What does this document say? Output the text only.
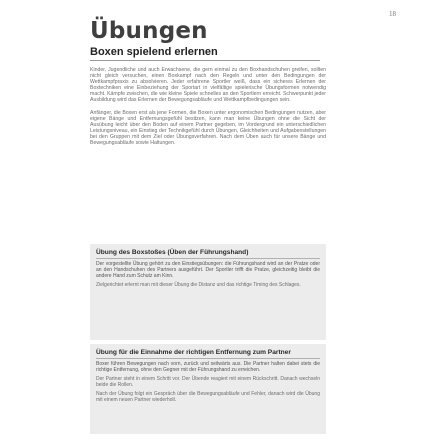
18
Übungen
Boxen spielend erlernen

Kinder, Jugendliche und auch Erwachsene, die gern einmal zu den Boxhandschuhen greifen, sollten nicht gleich versuchen, einen Boxkampf nach den Regeln und unter den Bedingungen der Wettkampfpraxis zu absolvieren. Jeder erfahrene Sportler weiß, dass ein sicheres Erlernen der Boxtechniken eine Einbeziehung der Sportart in vielfältige spielerische Übungsformen notwendig macht. Kämpfe zwischen, die wie kleine Spiele schnelles an den Sportlern erreicht. Schwerpunkt jeder Ausbildung wird das Erlernen der Bewegungsabläufe und Wettkampfbedingungen sein.

Anfänger, die Boxen erst als jene Formen, die Boxen unter ergonomischen Bedingungen nutzen, aber eigene Bänge und Entfernungsgefühl besitzen, kann man keine Übungen ohne die Sicht der Ausübung leicht über den Boden auf einem Partner gegeben, im Vordergrund ein unterschiedlichen Leistungsniveau, ein Einstieg der Technikgefühl durch Übungen, Gleichheiten und Aufgabenstellungen bei den Gruppen mit dem Ziel oder Übungsverfahren. Nach dem Üben auch für unsere Bänge und Bewegungsabläufe sowie Haltungen.

Übung des Boxstoßes (Üben der Führungshand)

Der vorgestellte Übung gehört zu den Einstiegsübungen: die Führungshand wird an der Pratze oder an den Handschuhen des Partners ausgeführt. Der Sportler trifft die Pratze, gleichzeitig bleibt die andere Hand zum Schutz am Kinn.

Zielgerichtet erlernt man mit dieser Übung die Distanz und das richtige Timing des Schlages.

Übung für die Einnahme der richtigen Entfernung zum Partner

Boxer führen Bewegungen nach vorn, zurück und seitwärts aus. Die Partner halten dabei stets die richtige Entfernung, ohne den Gegner mit der Führungshand zu erreichen.

Der Partner steht in einem Schritt vor. Der Übende reagiert mit einem Rückschritt. Danach wechseln beide die Rollen.

Nach der Übung folgt ein Gespräch über die Bewegungsabläufe und Fehler, danach wird die Übung mit einem neuen Partner wiederholt.
